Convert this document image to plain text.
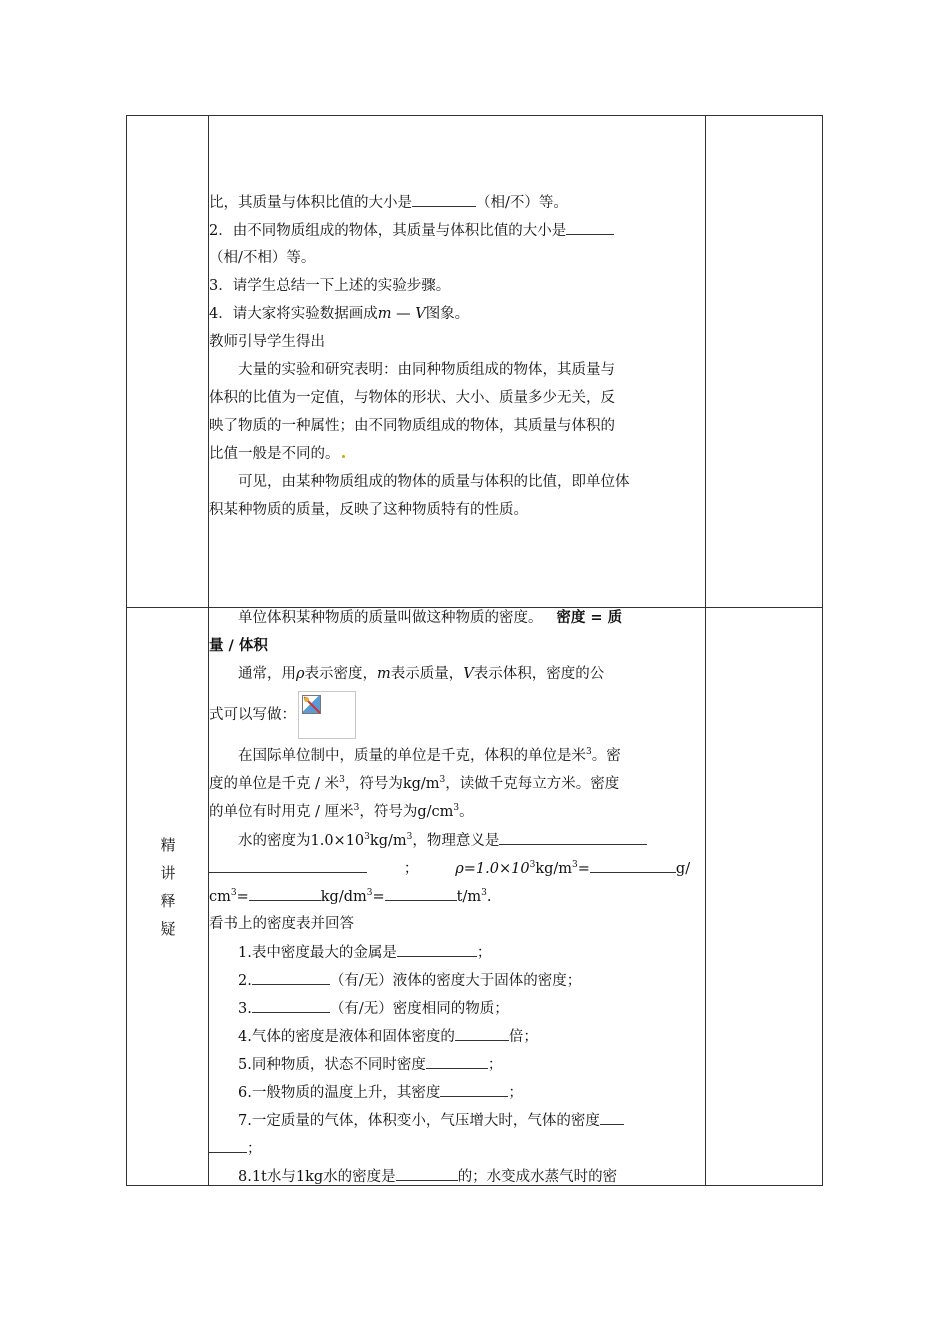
比，其质量与体积比值的大小是	（相/不）等。
2．由不同物质组成的物体，其质量与体积比值的大小是
（相/不相）等。
3．请学生总结一下上述的实验步骤。
4．请大家将实验数据画成m — V图象。
教师引导学生得出
大量的实验和研究表明：由同种物质组成的物体，其质量与
体积的比值为一定值，与物体的形状、大小、质量多少无关，反
映了物质的一种属性；由不同物质组成的物体，其质量与体积的
比值一般是不同的。
可见，由某种物质组成的物体的质量与体积的比值，即单位体
积某种物质的质量，反映了这种物质特有的性质。
精
讲
释
疑
单位体积某种物质的质量叫做这种物质的密度。 密度 = 质
量 / 体积
通常，用ρ表示密度，m表示质量，V表示体积，密度的公
式可以写做：
在国际单位制中，质量的单位是千克，体积的单位是米$^3$。密
度的单位是千克 / 米$^3$，符号为$kg/m^3$，读做千克每立方米。密度
的单位有时用克 / 厘米$^3$，符号为$g/cm^3$。
水的密度为$1.0\times 10^3kg/m^3$，物理意义是
；	$\rho=1.0\times 10^3kg/m^3=$	g/
$cm^3=$	$kg/dm^3=$	$t/m^3$.
看书上的密度表并回答
1.表中密度最大的金属是	；
2.	（有/无）液体的密度大于固体的密度；
3.	（有/无）密度相同的物质；
4.气体的密度是液体和固体密度的	倍；
5.同种物质，状态不同时密度	；
6.一般物质的温度上升，其密度	；
7.一定质量的气体，体积变小，气压增大时，气体的密度
；
8.1t水与1kg水的密度是	的；水变成水蒸气时的密
